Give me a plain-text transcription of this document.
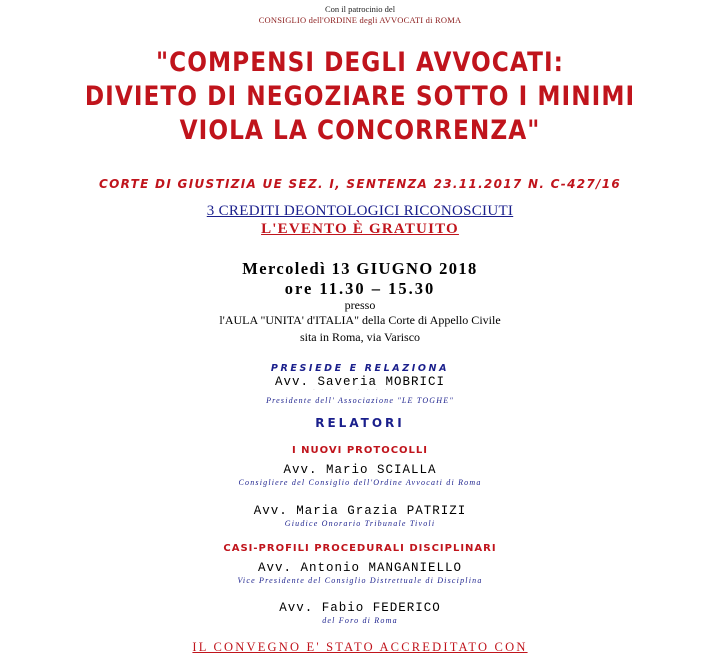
Con il patrocinio del
CONSIGLIO dell'ORDINE degli AVVOCATI di ROMA
"COMPENSI DEGLI AVVOCATI:
DIVIETO DI NEGOZIARE SOTTO I MINIMI
VIOLA LA CONCORRENZA"
CORTE DI GIUSTIZIA UE SEZ. I, SENTENZA 23.11.2017 N. C-427/16
3 CREDITI DEONTOLOGICI RICONOSCIUTI
L'EVENTO È GRATUITO
Mercoledì 13 GIUGNO 2018
ore 11.30 – 15.30
presso
l'AULA "UNITA' d'ITALIA" della Corte di Appello Civile
sita in Roma, via Varisco
PRESIEDE E RELAZIONA
Avv. Saveria MOBRICI
· · · · · · · · · · ·
Presidente dell' Associazione "LE TOGHE"
RELATORI
I NUOVI PROTOCOLLI
Avv. Mario SCIALLA
Consigliere del Consiglio dell'Ordine Avvocati di Roma
Avv. Maria Grazia PATRIZI
Giudice Onorario Tribunale Tivoli
CASI-PROFILI PROCEDURALI DISCIPLINARI
Avv. Antonio MANGANIELLO
Vice Presidente del Consiglio Distrettuale di Disciplina
Avv. Fabio FEDERICO
del Foro di Roma
IL CONVEGNO E' STATO ACCREDITATO CON
